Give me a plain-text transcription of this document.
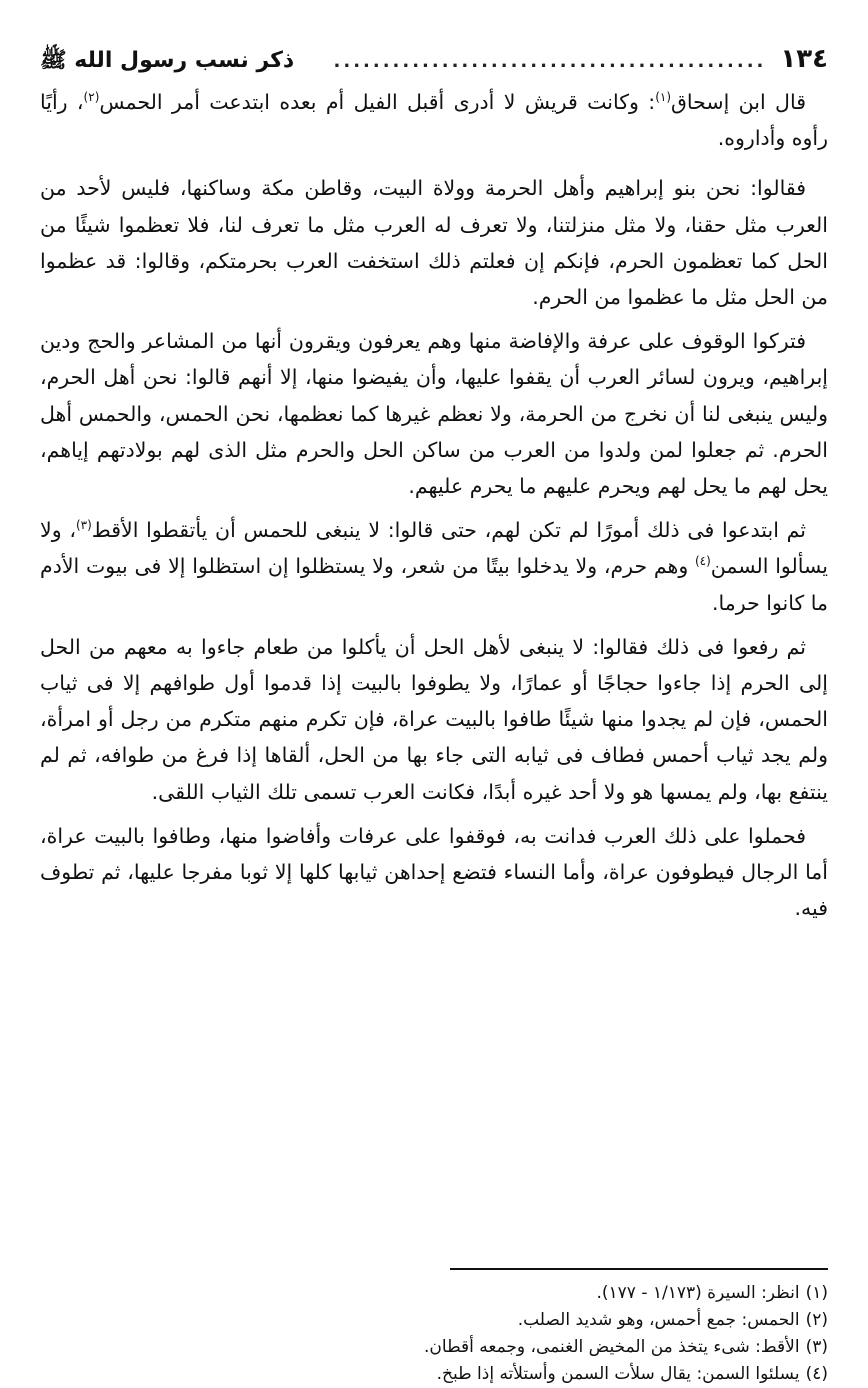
١٣٤
............................................
ذكر نسب رسول الله ﷺ

قال ابن إسحاق$^{(١)}$: وكانت قريش لا أدرى أقبل الفيل أم بعده ابتدعت أمر الحمس$^{(٢)}$، رأيًا رأوه وأداروه.

فقالوا: نحن بنو إبراهيم وأهل الحرمة وولاة البيت، وقاطن مكة وساكنها، فليس لأحد من العرب مثل حقنا، ولا مثل منزلتنا، ولا تعرف له العرب مثل ما تعرف لنا، فلا تعظموا شيئًا من الحل كما تعظمون الحرم، فإنكم إن فعلتم ذلك استخفت العرب بحرمتكم، وقالوا: قد عظموا من الحل مثل ما عظموا من الحرم.

فتركوا الوقوف على عرفة والإفاضة منها وهم يعرفون ويقرون أنها من المشاعر والحج ودين إبراهيم، ويرون لسائر العرب أن يقفوا عليها، وأن يفيضوا منها، إلا أنهم قالوا: نحن أهل الحرم، وليس ينبغى لنا أن نخرج من الحرمة، ولا نعظم غيرها كما نعظمها، نحن الحمس، والحمس أهل الحرم. ثم جعلوا لمن ولدوا من العرب من ساكن الحل والحرم مثل الذى لهم بولادتهم إياهم، يحل لهم ما يحل لهم ويحرم عليهم ما يحرم عليهم.

ثم ابتدعوا فى ذلك أمورًا لم تكن لهم، حتى قالوا: لا ينبغى للحمس أن يأتقطوا الأقط$^{(٣)}$، ولا يسألوا السمن$^{(٤)}$ وهم حرم، ولا يدخلوا بيتًا من شعر، ولا يستظلوا إن استظلوا إلا فى بيوت الأدم ما كانوا حرما.

ثم رفعوا فى ذلك فقالوا: لا ينبغى لأهل الحل أن يأكلوا من طعام جاءوا به معهم من الحل إلى الحرم إذا جاءوا حجاجًا أو عمارًا، ولا يطوفوا بالبيت إذا قدموا أول طوافهم إلا فى ثياب الحمس، فإن لم يجدوا منها شيئًا طافوا بالبيت عراة، فإن تكرم منهم متكرم من رجل أو امرأة، ولم يجد ثياب أحمس فطاف فى ثيابه التى جاء بها من الحل، ألقاها إذا فرغ من طوافه، ثم لم ينتفع بها، ولم يمسها هو ولا أحد غيره أبدًا، فكانت العرب تسمى تلك الثياب اللقى.

فحملوا على ذلك العرب فدانت به، فوقفوا على عرفات وأفاضوا منها، وطافوا بالبيت عراة، أما الرجال فيطوفون عراة، وأما النساء فتضع إحداهن ثيابها كلها إلا ثوبا مفرجا عليها، ثم تطوف فيه.

(١)انظر: السيرة (١/١٧٣ - ١٧٧).
(٢)الحمس: جمع أحمس، وهو شديد الصلب.
(٣)الأقط: شىء يتخذ من المخيض الغنمى، وجمعه أقطان.
(٤)يسلئوا السمن: يقال سلأت السمن وأستلأته إذا طبخ.
